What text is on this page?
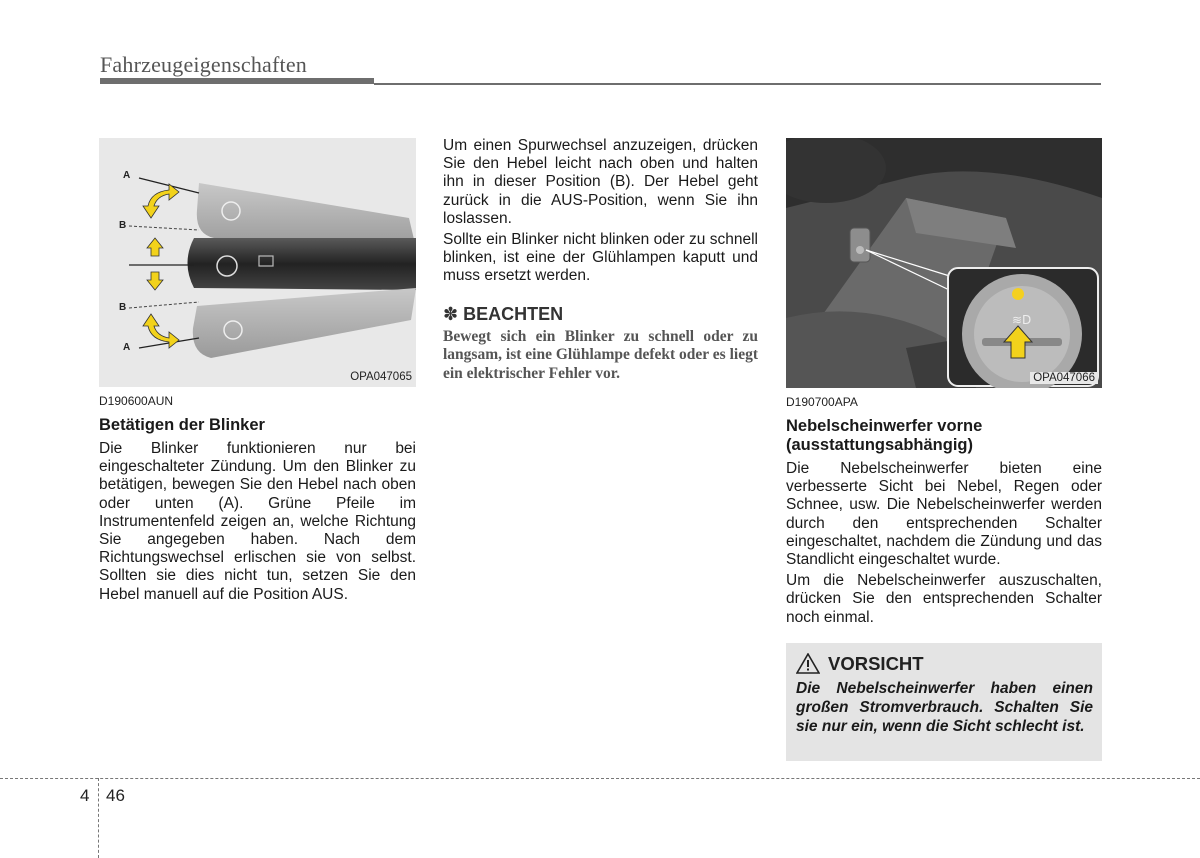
Fahrzeugeigenschaften
A
B
B
A
OPA047065
D190600AUN
Betätigen der Blinker
Die Blinker funktionieren nur bei eingeschalteter Zündung. Um den Blinker zu betätigen, bewegen Sie den Hebel nach oben oder unten (A). Grüne Pfeile im Instrumentenfeld zeigen an, welche Richtung Sie angegeben haben. Nach dem Richtungswechsel erlischen sie von selbst. Sollten sie dies nicht tun, setzen Sie den Hebel manuell auf die Position AUS.
Um einen Spurwechsel anzuzeigen, drücken Sie den Hebel leicht nach oben und halten ihn in dieser Position (B). Der Hebel geht zurück in die AUS-Position, wenn Sie ihn loslassen.
Sollte ein Blinker nicht blinken oder zu schnell blinken, ist eine der Glühlampen kaputt und muss ersetzt werden.
✽ BEACHTEN
Bewegt sich ein Blinker zu schnell oder zu langsam, ist eine Glühlampe defekt oder es liegt ein elektrischer Fehler vor.
≋D
OPA047066
D190700APA
Nebelscheinwerfer vorne
(ausstattungsabhängig)
Die Nebelscheinwerfer bieten eine verbesserte Sicht bei Nebel, Regen oder Schnee, usw. Die Nebelscheinwerfer werden durch den entsprechenden Schalter eingeschaltet, nachdem die Zündung und das Standlicht eingeschaltet wurde.
Um die Nebelscheinwerfer auszuschalten, drücken Sie den entsprechenden Schalter noch einmal.
VORSICHT
Die Nebelscheinwerfer haben einen großen Stromverbrauch. Schalten Sie sie nur ein, wenn die Sicht schlecht ist.
4 46
